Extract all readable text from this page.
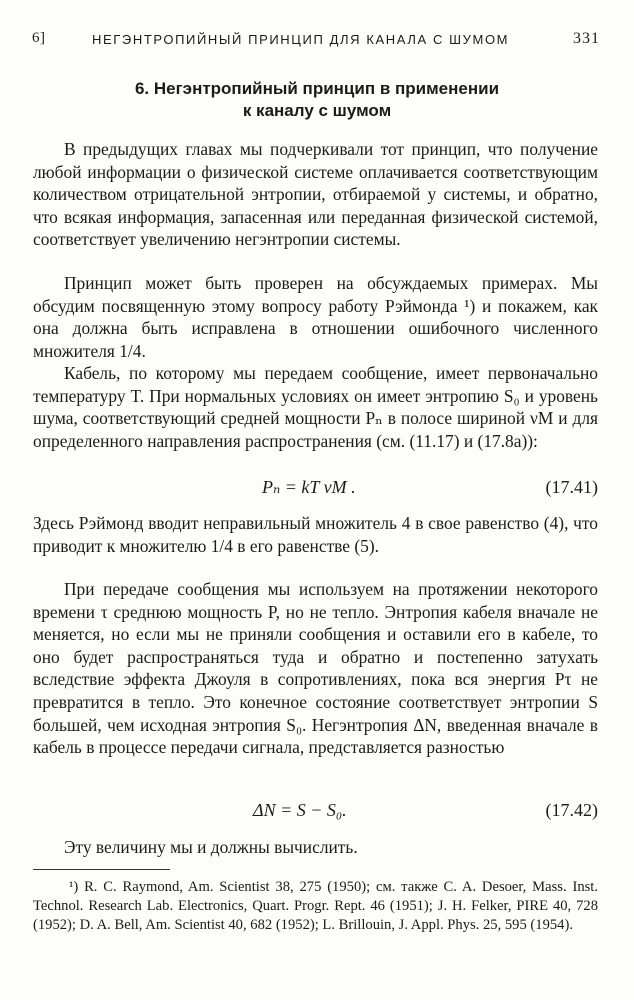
6]	НЕГЭНТРОПИЙНЫЙ ПРИНЦИП ДЛЯ КАНАЛА С ШУМОМ	331
6. Негэнтропийный принцип в применении
к каналу с шумом

В предыдущих главах мы подчеркивали тот принцип, что получение любой информации о физической системе оплачивается соответствующим количеством отрицательной энтропии, отбираемой у системы, и обратно, что всякая информация, запасенная или переданная физической системой, соответствует увеличению негэнтропии системы.

Принцип может быть проверен на обсуждаемых примерах. Мы обсудим посвященную этому вопросу работу Рэймонда ¹) и покажем, как она должна быть исправлена в отношении ошибочного численного множителя 1/4.

Кабель, по которому мы передаем сообщение, имеет первоначально температуру T. При нормальных условиях он имеет энтропию S₀ и уровень шума, соответствующий средней мощности Pₙ в полосе шириной νM и для определенного направления распространения (см. (11.17) и (17.8а)):

Pₙ = kT νM .	(17.41)

Здесь Рэймонд вводит неправильный множитель 4 в свое равенство (4), что приводит к множителю 1/4 в его равенстве (5).

При передаче сообщения мы используем на протяжении некоторого времени τ среднюю мощность P, но не тепло. Энтропия кабеля вначале не меняется, но если мы не приняли сообщения и оставили его в кабеле, то оно будет распространяться туда и обратно и постепенно затухать вследствие эффекта Джоуля в сопротивлениях, пока вся энергия Pτ не превратится в тепло. Это конечное состояние соответствует энтропии S большей, чем исходная энтропия S₀. Негэнтропия ΔN, введенная вначале в кабель в процессе передачи сигнала, представляется разностью

ΔN = S − S₀.	(17.42)

Эту величину мы и должны вычислить.

¹) R. C. Raymond, Am. Scientist 38, 275 (1950); см. также C. A. Desoer, Mass. Inst. Technol. Research Lab. Electronics, Quart. Progr. Rept. 46 (1951); J. H. Felker, PIRE 40, 728 (1952); D. A. Bell, Am. Scientist 40, 682 (1952); L. Brillouin, J. Appl. Phys. 25, 595 (1954).
